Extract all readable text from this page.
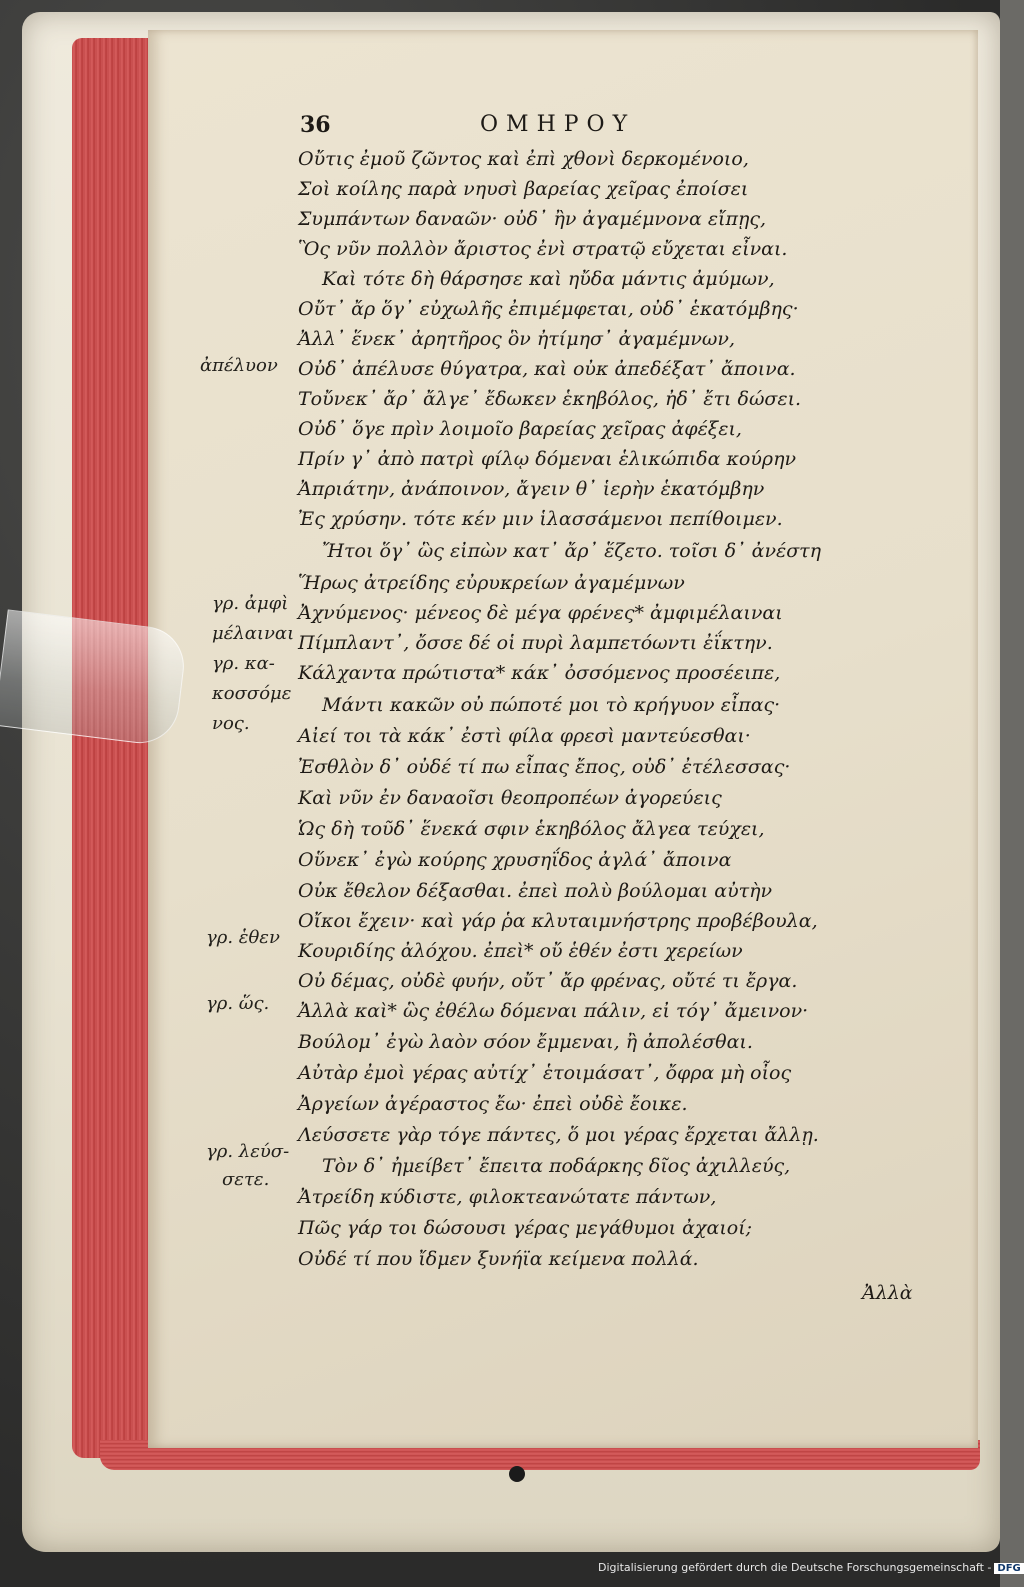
36	ΟΜΗΡΟΥ
Οὔτις ἐμοῦ ζῶντος καὶ ἐπὶ χθονὶ δερκομένοιο,
Σοὶ κοίλης παρὰ νηυσὶ βαρείας χεῖρας ἐποίσει
Συμπάντων δαναῶν· οὐδ᾽ ἢν ἀγαμέμνονα εἴπῃς,
Ὃς νῦν πολλὸν ἄριστος ἐνὶ στρατῷ εὔχεται εἶναι.
Καὶ τότε δὴ θάρσησε καὶ ηὔδα μάντις ἀμύμων,
Οὔτ᾽ ἄρ ὅγ᾽ εὐχωλῆς ἐπιμέμφεται, οὐδ᾽ ἑκατόμβης·
Ἀλλ᾽ ἕνεκ᾽ ἀρητῆρος ὃν ἠτίμησ᾽ ἀγαμέμνων,
Οὐδ᾽ ἀπέλυσε θύγατρα, καὶ οὐκ ἀπεδέξατ᾽ ἄποινα.
Τοὔνεκ᾽ ἄρ᾽ ἄλγε᾽ ἔδωκεν ἑκηβόλος, ἠδ᾽ ἔτι δώσει.
Οὐδ᾽ ὅγε πρὶν λοιμοῖο βαρείας χεῖρας ἀφέξει,
Πρίν γ᾽ ἀπὸ πατρὶ φίλῳ δόμεναι ἑλικώπιδα κούρην
Ἀπριάτην, ἀνάποινον, ἄγειν θ᾽ ἱερὴν ἑκατόμβην
Ἐς χρύσην. τότε κέν μιν ἱλασσάμενοι πεπίθοιμεν.
Ἤτοι ὅγ᾽ ὣς εἰπὼν κατ᾽ ἄρ᾽ ἕζετο. τοῖσι δ᾽ ἀνέστη
Ἥρως ἀτρείδης εὐρυκρείων ἀγαμέμνων
Ἀχνύμενος· μένεος δὲ μέγα φρένες* ἀμφιμέλαιναι
Πίμπλαντ᾽, ὄσσε δέ οἱ πυρὶ λαμπετόωντι ἐΐκτην.
Κάλχαντα πρώτιστα* κάκ᾽ ὀσσόμενος προσέειπε,
Μάντι κακῶν οὐ πώποτέ μοι τὸ κρήγυον εἶπας·
Αἰεί τοι τὰ κάκ᾽ ἐστὶ φίλα φρεσὶ μαντεύεσθαι·
Ἐσθλὸν δ᾽ οὐδέ τί πω εἶπας ἔπος, οὐδ᾽ ἐτέλεσσας·
Καὶ νῦν ἐν δαναοῖσι θεοπροπέων ἀγορεύεις
Ὡς δὴ τοῦδ᾽ ἕνεκά σφιν ἑκηβόλος ἄλγεα τεύχει,
Οὕνεκ᾽ ἐγὼ κούρης χρυσηΐδος ἀγλά᾽ ἄποινα
Οὐκ ἔθελον δέξασθαι. ἐπεὶ πολὺ βούλομαι αὐτὴν
Οἴκοι ἔχειν· καὶ γάρ ῥα κλυταιμνήστρης προβέβουλα,
Κουριδίης ἀλόχου. ἐπεὶ* οὔ ἑθέν ἐστι χερείων
Οὐ δέμας, οὐδὲ φυήν, οὔτ᾽ ἄρ φρένας, οὔτέ τι ἔργα.
Ἀλλὰ καὶ* ὣς ἐθέλω δόμεναι πάλιν, εἰ τόγ᾽ ἄμεινον·
Βούλομ᾽ ἐγὼ λαὸν σόον ἔμμεναι, ἢ ἀπολέσθαι.
Αὐτὰρ ἐμοὶ γέρας αὐτίχ᾽ ἑτοιμάσατ᾽, ὄφρα μὴ οἶος
Ἀργείων ἀγέραστος ἔω· ἐπεὶ οὐδὲ ἔοικε.
Λεύσσετε γὰρ τόγε πάντες, ὅ μοι γέρας ἔρχεται ἄλλῃ.
Τὸν δ᾽ ἠμείβετ᾽ ἔπειτα ποδάρκης δῖος ἀχιλλεύς,
Ἀτρείδη κύδιστε, φιλοκτεανώτατε πάντων,
Πῶς γάρ τοι δώσουσι γέρας μεγάθυμοι ἀχαιοί;
Οὐδέ τί που ἴδμεν ξυνήϊα κείμενα πολλά.
ἀπέλυον
γρ. ἀμφὶ
μέλαιναι
γρ. κα-
κοσσόμε
νος.
γρ. ἑθεν
γρ. ὥς.
γρ. λεύσ-
σετε.
Ἀλλὰ
Digitalisierung gefördert durch die Deutsche Forschungsgemeinschaft - DFG
